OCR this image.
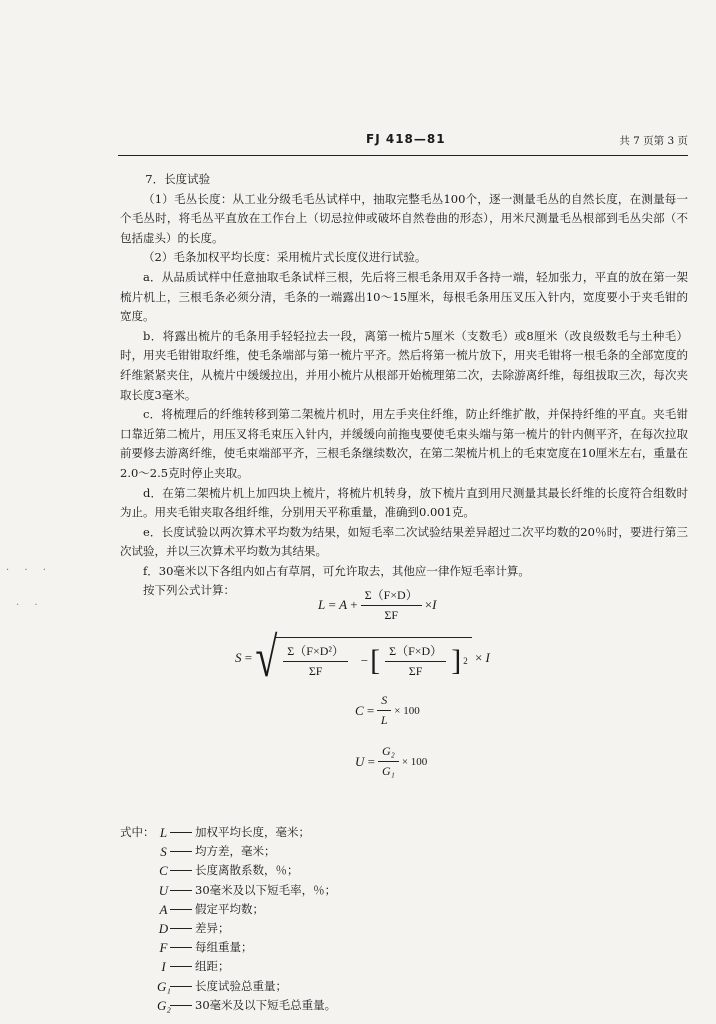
FJ 418—81	共 7 页第 3 页
· · ·
· ·

7．长度试验

（1）毛丛长度：从工业分级毛毛丛试样中，抽取完整毛丛100个，逐一测量毛丛的自然长度，在测量每一个毛丛时，将毛丛平直放在工作台上（切忌拉伸或破坏自然卷曲的形态），用米尺测量毛丛根部到毛丛尖部（不包括虚头）的长度。

（2）毛条加权平均长度：采用梳片式长度仪进行试验。

a．从品质试样中任意抽取毛条试样三根，先后将三根毛条用双手各持一端，轻加张力，平直的放在第一架梳片机上，三根毛条必须分清，毛条的一端露出10～15厘米，每根毛条用压叉压入针内，宽度要小于夹毛钳的宽度。

b．将露出梳片的毛条用手轻轻拉去一段，离第一梳片5厘米（支数毛）或8厘米（改良级数毛与土种毛）时，用夹毛钳钳取纤维，使毛条端部与第一梳片平齐。然后将第一梳片放下，用夹毛钳将一根毛条的全部宽度的纤维紧紧夹住，从梳片中缓缓拉出，并用小梳片从根部开始梳理第二次，去除游离纤维，每组拔取三次，每次夹取长度3毫米。

c．将梳理后的纤维转移到第二架梳片机时，用左手夹住纤维，防止纤维扩散，并保持纤维的平直。夹毛钳口靠近第二梳片，用压叉将毛束压入针内，并缓缓向前拖曳要使毛束头端与第一梳片的针内侧平齐，在每次拉取前要修去游离纤维，使毛束端部平齐，三根毛条继续数次，在第二架梳片机上的毛束宽度在10厘米左右，重量在2.0～2.5克时停止夹取。

d．在第二架梳片机上加四块上梳片，将梳片机转身，放下梳片直到用尺测量其最长纤维的长度符合组数时为止。用夹毛钳夹取各组纤维，分别用天平称重量，准确到0.001克。

e．长度试验以两次算术平均数为结果，如短毛率二次试验结果差异超过二次平均数的20％时，要进行第三次试验，并以三次算术平均数为其结果。

f．30毫米以下各组内如占有草屑，可允许取去，其他应一律作短毛率计算。

按下列公式计算：

$L = A + \frac{\Sigma(F\times D)}{\Sigma F} \times I$
S = √ $\frac{\text{Σ（F×D²）}}{\Sigma F}$ − [ $\frac{\Sigma(F\times D)}{\Sigma F}$ ] 2 × I
$C = \frac{S}{L} \times 100$
$U = \frac{\text{G₂}}{\text{G₁}} \times 100$
式中： L 加权平均长度，毫米；
S 均方差，毫米；
C 长度离散系数，％；
U 30毫米及以下短毛率，％；
A 假定平均数；
D 差异；
F 每组重量；
I	组距；
G₁ 长度试验总重量；
G₂ 30毫米及以下短毛总重量。
